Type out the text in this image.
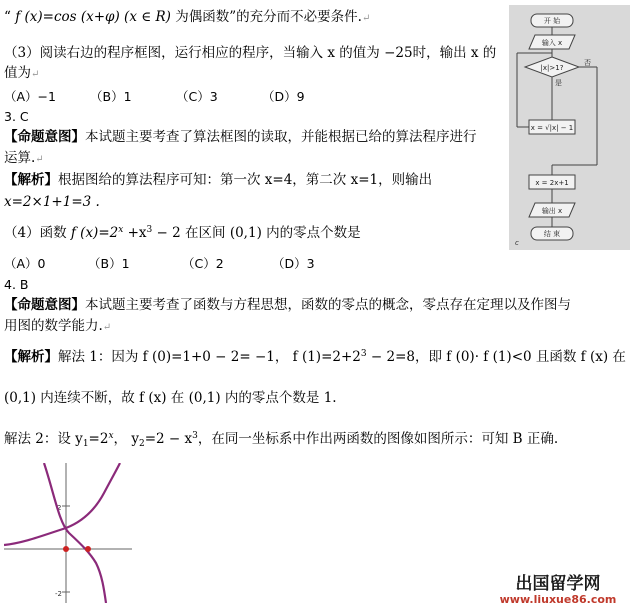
“ f (x)=cos (x+φ) (x ∈ R) 为偶函数”的充分而不必要条件.↵
（3）阅读右边的程序框图，运行相应的程序，当输入 x 的值为 −25时，输出 x 的
值为↵
（A）−1	（B）1	（C）3	（D）9
3. C
【命题意图】本试题主要考查了算法框图的读取，并能根据已给的算法程序进行
运算.↵
【解析】根据图给的算法程序可知：第一次 x=4，第二次 x=1，则输出
x=2×1+1=3 .
（4）函数 f $(x)=2^x +x^3 - 2$ 在区间 (0,1) 内的零点个数是
（A）0	（B）1	（C）2	（D）3
4. B
【命题意图】本试题主要考查了函数与方程思想，函数的零点的概念，零点存在定理以及作图与
用图的数学能力.↵
【解析】解法 1：因为 f (0)=1+0 − 2= −1， f $(1)=2+2^3 - 2=8$，即 f (0)· f (1)<0 且函数 f (x) 在
(0,1) 内连续不断，故 f (x) 在 (0,1) 内的零点个数是 1.
解法 2：设 $y_1=2^x$， $y_2=2 - x^3$，在同一坐标系中作出两函数的图像如图所示：可知 B 正确.
开 始
输入 x
|x|>1?
否
是
x = √|x| − 1
x = 2x+1
输出 x
结 束
c
2
-2	出国留学网
www.liuxue86.com
